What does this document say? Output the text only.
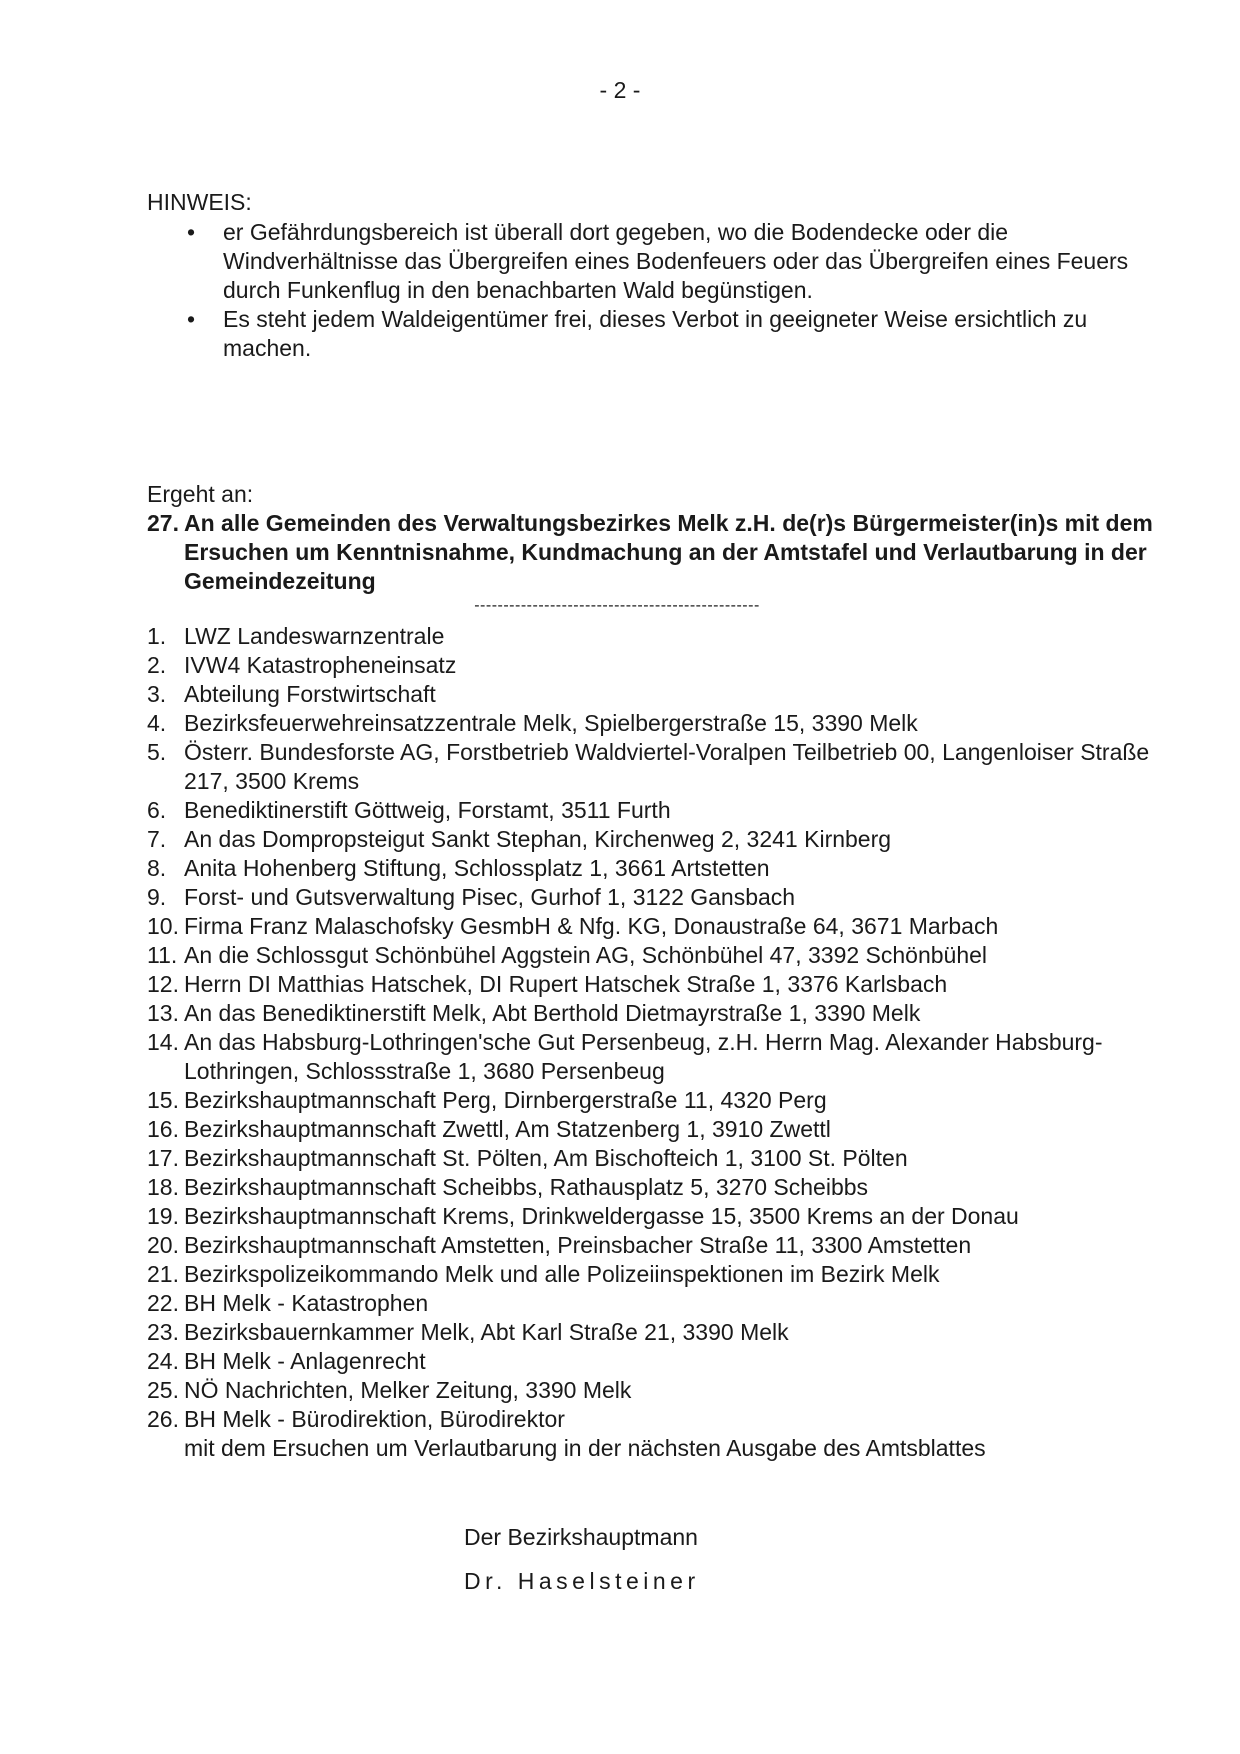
- 2 -
HINWEIS:
• er Gefährdungsbereich ist überall dort gegeben, wo die Bodendecke oder die Windverhältnisse das Übergreifen eines Bodenfeuers oder das Übergreifen eines Feuers durch Funkenflug in den benachbarten Wald begünstigen.
• Es steht jedem Waldeigentümer frei, dieses Verbot in geeigneter Weise ersichtlich zu machen.
Ergeht an:
27. An alle Gemeinden des Verwaltungsbezirkes Melk z.H. de(r)s Bürgermeister(in)s mit dem Ersuchen um Kenntnisnahme, Kundmachung an der Amtstafel und Verlautbarung in der Gemeindezeitung
-------------------------------------------------
1. LWZ Landeswarnzentrale
2. IVW4 Katastropheneinsatz
3. Abteilung Forstwirtschaft
4. Bezirksfeuerwehreinsatzzentrale Melk, Spielbergerstraße 15, 3390 Melk
5. Österr. Bundesforste AG, Forstbetrieb Waldviertel-Voralpen Teilbetrieb 00, Langenloiser Straße 217, 3500 Krems
6. Benediktinerstift Göttweig, Forstamt, 3511 Furth
7. An das Dompropsteigut Sankt Stephan, Kirchenweg 2, 3241 Kirnberg
8. Anita Hohenberg Stiftung, Schlossplatz 1, 3661 Artstetten
9. Forst- und Gutsverwaltung Pisec, Gurhof 1, 3122 Gansbach
10. Firma Franz Malaschofsky GesmbH & Nfg. KG, Donaustraße 64, 3671 Marbach
11. An die Schlossgut Schönbühel Aggstein AG, Schönbühel 47, 3392 Schönbühel
12. Herrn DI Matthias Hatschek, DI Rupert Hatschek Straße 1, 3376 Karlsbach
13. An das Benediktinerstift Melk, Abt Berthold Dietmayrstraße 1, 3390 Melk
14. An das Habsburg-Lothringen'sche Gut Persenbeug, z.H. Herrn Mag. Alexander Habsburg-Lothringen, Schlossstraße 1, 3680 Persenbeug
15. Bezirkshauptmannschaft Perg, Dirnbergerstraße 11, 4320 Perg
16. Bezirkshauptmannschaft Zwettl, Am Statzenberg 1, 3910 Zwettl
17. Bezirkshauptmannschaft St. Pölten, Am Bischofteich 1, 3100 St. Pölten
18. Bezirkshauptmannschaft Scheibbs, Rathausplatz 5, 3270 Scheibbs
19. Bezirkshauptmannschaft Krems, Drinkweldergasse 15, 3500 Krems an der Donau
20. Bezirkshauptmannschaft Amstetten, Preinsbacher Straße 11, 3300 Amstetten
21. Bezirkspolizeikommando Melk und alle Polizeiinspektionen im Bezirk Melk
22. BH Melk - Katastrophen
23. Bezirksbauernkammer Melk, Abt Karl Straße 21, 3390 Melk
24. BH Melk - Anlagenrecht
25. NÖ Nachrichten, Melker Zeitung, 3390 Melk
26. BH Melk - Bürodirektion, Bürodirektor
mit dem Ersuchen um Verlautbarung in der nächsten Ausgabe des Amtsblattes
Der Bezirkshauptmann
Dr. Haselsteiner
